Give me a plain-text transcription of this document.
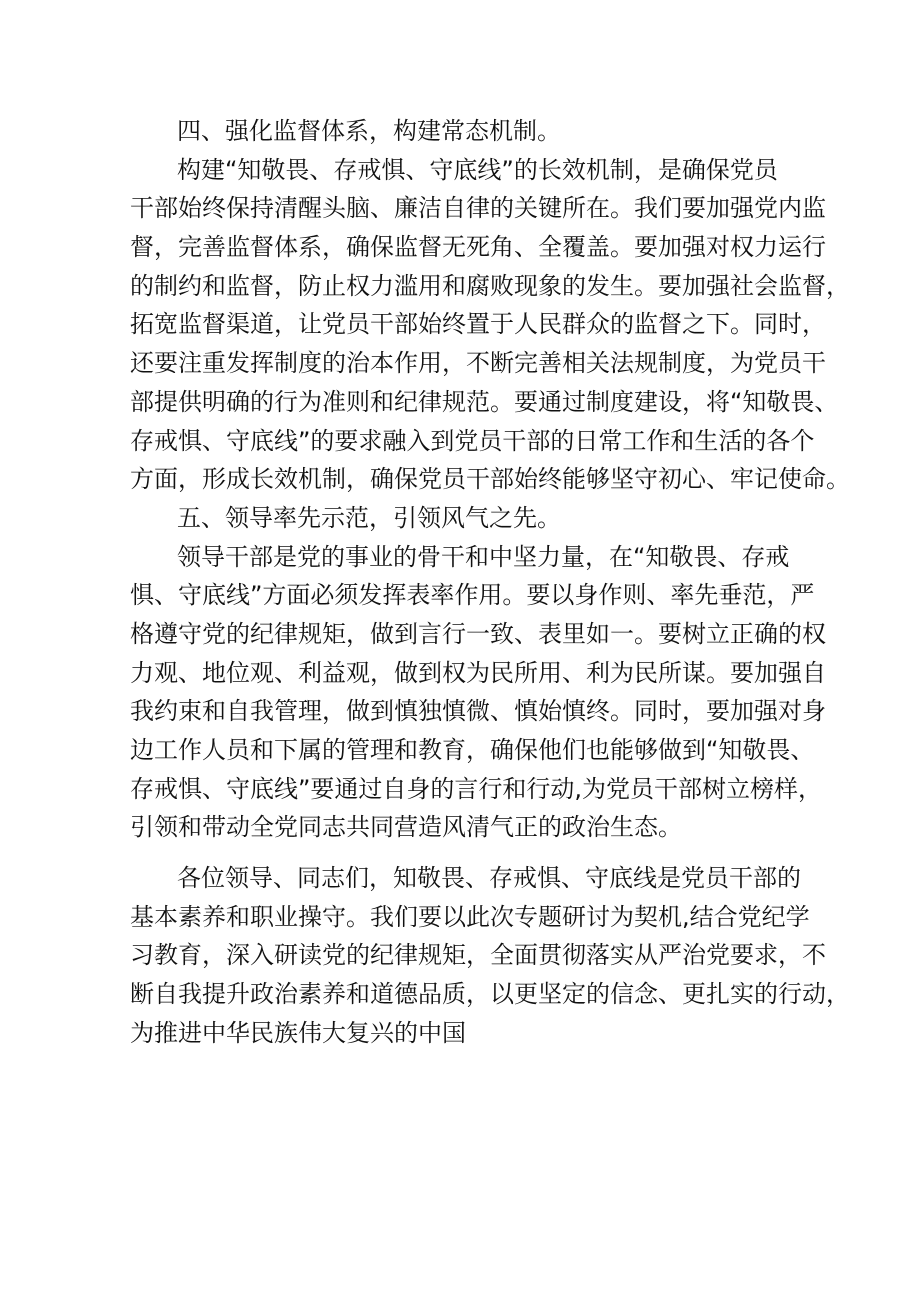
四、强化监督体系，构建常态机制。
构建“知敬畏、存戒惧、守底线”的长效机制，是确保党员
干部始终保持清醒头脑、廉洁自律的关键所在。我们要加强党内监
督，完善监督体系，确保监督无死角、全覆盖。要加强对权力运行
的制约和监督，防止权力滥用和腐败现象的发生。要加强社会监督，
拓宽监督渠道，让党员干部始终置于人民群众的监督之下。同时，
还要注重发挥制度的治本作用，不断完善相关法规制度，为党员干
部提供明确的行为准则和纪律规范。要通过制度建设，将“知敬畏、
存戒惧、守底线”的要求融入到党员干部的日常工作和生活的各个
方面，形成长效机制，确保党员干部始终能够坚守初心、牢记使命。
五、领导率先示范，引领风气之先。
领导干部是党的事业的骨干和中坚力量，在“知敬畏、存戒
惧、守底线”方面必须发挥表率作用。要以身作则、率先垂范，严
格遵守党的纪律规矩，做到言行一致、表里如一。要树立正确的权
力观、地位观、利益观，做到权为民所用、利为民所谋。要加强自
我约束和自我管理，做到慎独慎微、慎始慎终。同时，要加强对身
边工作人员和下属的管理和教育，确保他们也能够做到“知敬畏、
存戒惧、守底线”要通过自身的言行和行动,为党员干部树立榜样，
引领和带动全党同志共同营造风清气正的政治生态。
各位领导、同志们，知敬畏、存戒惧、守底线是党员干部的
基本素养和职业操守。我们要以此次专题研讨为契机,结合党纪学
习教育，深入研读党的纪律规矩，全面贯彻落实从严治党要求，不
断自我提升政治素养和道德品质，以更坚定的信念、更扎实的行动，
为推进中华民族伟大复兴的中国
